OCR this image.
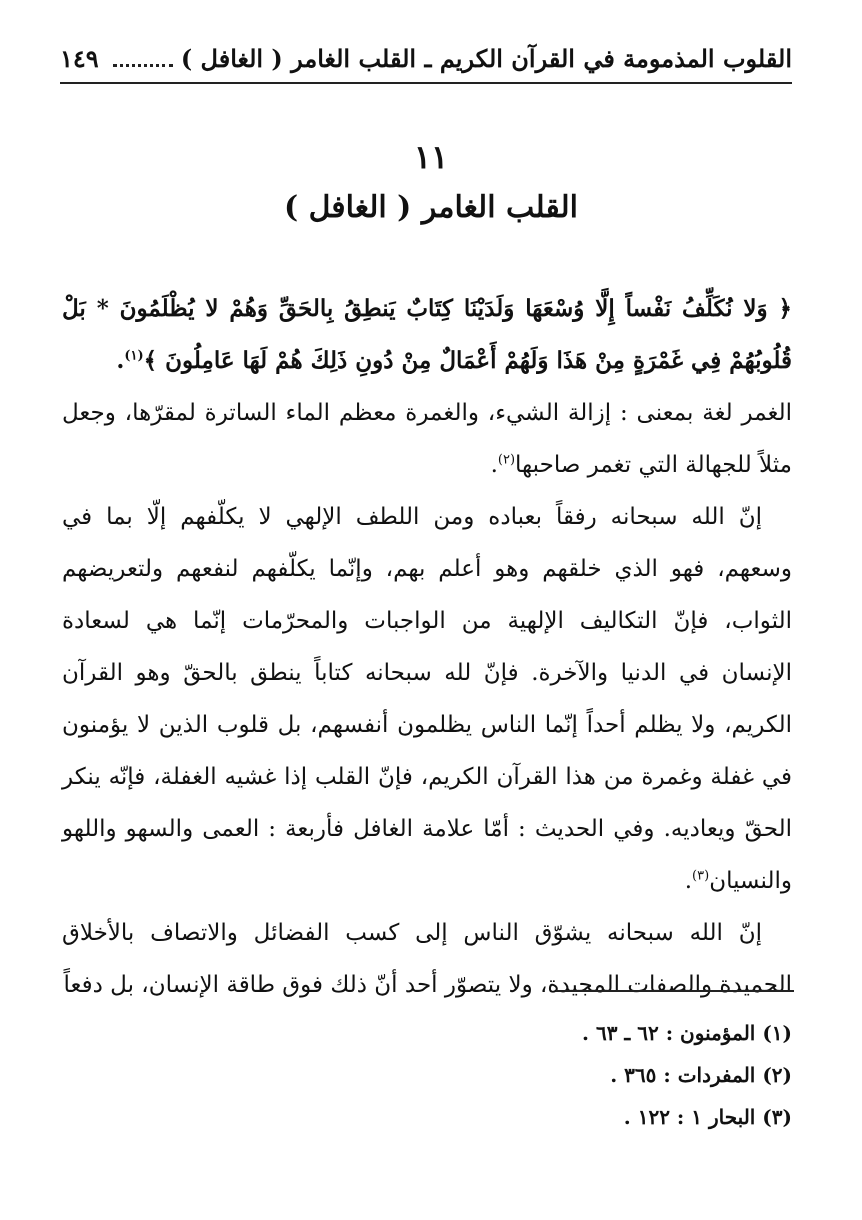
القلوب المذمومة في القرآن الكريم ـ القلب الغامر ( الغافل )
١٤٩
١١
القلب الغامر ( الغافل )

﴿ وَلا نُكَلِّفُ نَفْساً إِلَّا وُسْعَهَا وَلَدَيْنَا كِتَابٌ يَنطِقُ بِالحَقِّ وَهُمْ لا يُظْلَمُونَ * بَلْ قُلُوبُهُمْ فِي غَمْرَةٍ مِنْ هَذَا وَلَهُمْ أَعْمَالٌ مِنْ دُونِ ذَلِكَ هُمْ لَهَا عَامِلُونَ ﴾$^{(١)}$.

الغمر لغة بمعنى : إزالة الشيء، والغمرة معظم الماء الساترة لمقرّها، وجعل مثلاً للجهالة التي تغمر صاحبها$^{(٢)}$.

إنّ الله سبحانه رفقاً بعباده ومن اللطف الإلهي لا يكلّفهم إلّا بما في وسعهم، فهو الذي خلقهم وهو أعلم بهم، وإنّما يكلّفهم لنفعهم ولتعريضهم الثواب، فإنّ التكاليف الإلهية من الواجبات والمحرّمات إنّما هي لسعادة الإنسان في الدنيا والآخرة. فإنّ لله سبحانه كتاباً ينطق بالحقّ وهو القرآن الكريم، ولا يظلم أحداً إنّما الناس يظلمون أنفسهم، بل قلوب الذين لا يؤمنون في غفلة وغمرة من هذا القرآن الكريم، فإنّ القلب إذا غشيه الغفلة، فإنّه ينكر الحقّ ويعاديه. وفي الحديث : أمّا علامة الغافل فأربعة : العمى والسهو واللهو والنسيان$^{(٣)}$.

إنّ الله سبحانه يشوّق الناس إلى كسب الفضائل والاتصاف بالأخلاق الحميدة والصفات المجيدة، ولا يتصوّر أحد أنّ ذلك فوق طاقة الإنسان، بل دفعاً

(١) المؤمنون : ٦٢ ـ ٦٣ .
(٢) المفردات : ٣٦٥ .
(٣) البحار ١ : ١٢٢ .
